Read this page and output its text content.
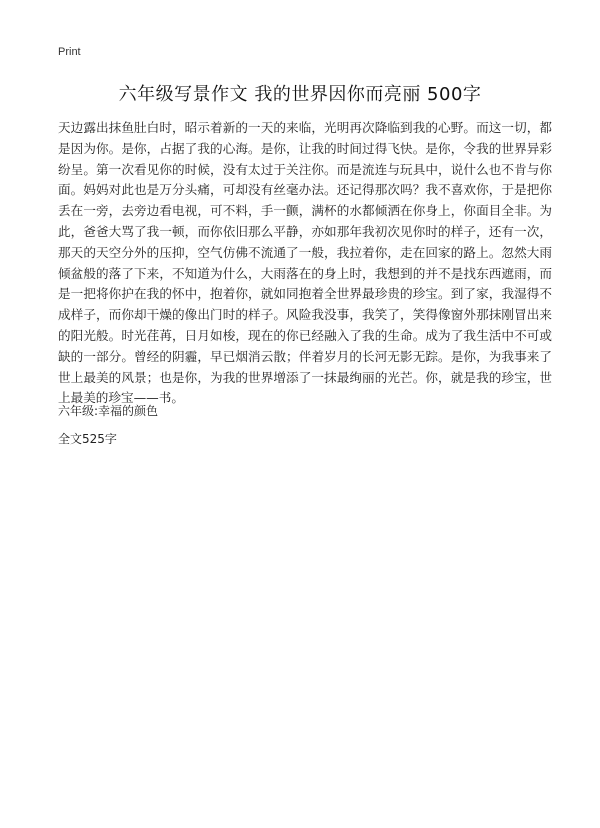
Print
六年级写景作文 我的世界因你而亮丽 500字

天边露出抹鱼肚白时，昭示着新的一天的来临，光明再次降临到我的心野。而这一切，都是因为你。是你，占据了我的心海。是你，让我的时间过得飞快。是你，令我的世界异彩纷呈。第一次看见你的时候，没有太过于关注你。而是流连与玩具中，说什么也不肯与你面。妈妈对此也是万分头痛，可却没有丝毫办法。还记得那次吗？我不喜欢你，于是把你丢在一旁，去旁边看电视，可不料，手一颤，满杯的水都倾洒在你身上，你面目全非。为此，爸爸大骂了我一顿，而你依旧那么平静，亦如那年我初次见你时的样子，还有一次，那天的天空分外的压抑，空气仿佛不流通了一般，我拉着你，走在回家的路上。忽然大雨倾盆般的落了下来，不知道为什么，大雨落在的身上时，我想到的并不是找东西遮雨，而是一把将你护在我的怀中，抱着你，就如同抱着全世界最珍贵的珍宝。到了家，我湿得不成样子，而你却干燥的像出门时的样子。风险我没事，我笑了，笑得像窗外那抹刚冒出来的阳光般。时光荏苒，日月如梭，现在的你已经融入了我的生命。成为了我生活中不可或缺的一部分。曾经的阴霾，早已烟消云散；伴着岁月的长河无影无踪。是你，为我事来了世上最美的风景；也是你，为我的世界增添了一抹最绚丽的光芒。你，就是我的珍宝，世上最美的珍宝——书。

六年级:幸福的颜色
全文525字
